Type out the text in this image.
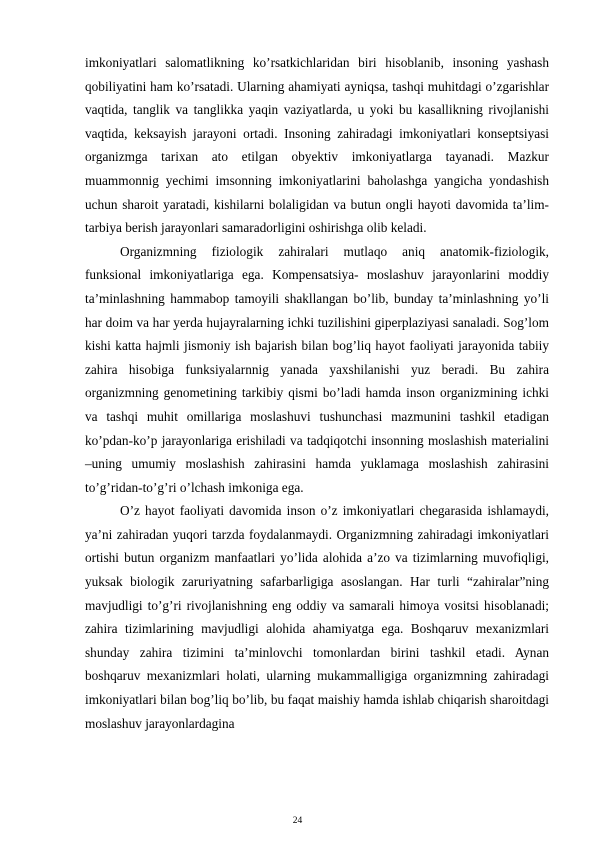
imkoniyatlari salomatlikning ko’rsatkichlaridan biri hisoblanib, insoning yashash qobiliyatini ham ko’rsatadi. Ularning ahamiyati ayniqsa, tashqi muhitdagi o’zgarishlar vaqtida, tanglik va tanglikka yaqin vaziyatlarda, u yoki bu kasallikning rivojlanishi vaqtida, keksayish jarayoni ortadi. Insoning zahiradagi imkoniyatlari konseptsiyasi organizmga tarixan ato etilgan obyektiv imkoniyatlarga tayanadi. Mazkur muammonnig yechimi imsonning imkoniyatlarini baholashga yangicha yondashish uchun sharoit yaratadi, kishilarni bolaligidan va butun ongli hayoti davomida ta’lim-tarbiya berish jarayonlari samaradorligini oshirishga olib keladi.

Organizmning fiziologik zahiralari mutlaqo aniq anatomik-fiziologik, funksional imkoniyatlariga ega. Kompensatsiya- moslashuv jarayonlarini moddiy ta’minlashning hammabop tamoyili shakllangan bo’lib, bunday ta’minlashning yo’li har doim va har yerda hujayralarning ichki tuzilishini giperplaziyasi sanaladi. Sog’lom kishi katta hajmli jismoniy ish bajarish bilan bog’liq hayot faoliyati jarayonida tabiiy zahira hisobiga funksiyalarnnig yanada yaxshilanishi yuz beradi. Bu zahira organizmning genometining tarkibiy qismi bo’ladi hamda inson organizmining ichki va tashqi muhit omillariga moslashuvi tushunchasi mazmunini tashkil etadigan ko’pdan-ko’p jarayonlariga erishiladi va tadqiqotchi insonning moslashish materialini –uning umumiy moslashish zahirasini hamda yuklamaga moslashish zahirasini to’g’ridan-to’g’ri o’lchash imkoniga ega.

O’z hayot faoliyati davomida inson o’z imkoniyatlari chegarasida ishlamaydi, ya’ni zahiradan yuqori tarzda foydalanmaydi. Organizmning zahiradagi imkoniyatlari ortishi butun organizm manfaatlari yo’lida alohida a’zo va tizimlarning muvofiqligi, yuksak biologik zaruriyatning safarbarligiga asoslangan. Har turli “zahiralar”ning mavjudligi to’g’ri rivojlanishning eng oddiy va samarali himoya vositsi hisoblanadi; zahira tizimlarining mavjudligi alohida ahamiyatga ega. Boshqaruv mexanizmlari shunday zahira tizimini ta’minlovchi tomonlardan birini tashkil etadi. Aynan boshqaruv mexanizmlari holati, ularning mukammalligiga organizmning zahiradagi imkoniyatlari bilan bog’liq bo’lib, bu faqat maishiy hamda ishlab chiqarish sharoitdagi moslashuv jarayonlardagina

24
